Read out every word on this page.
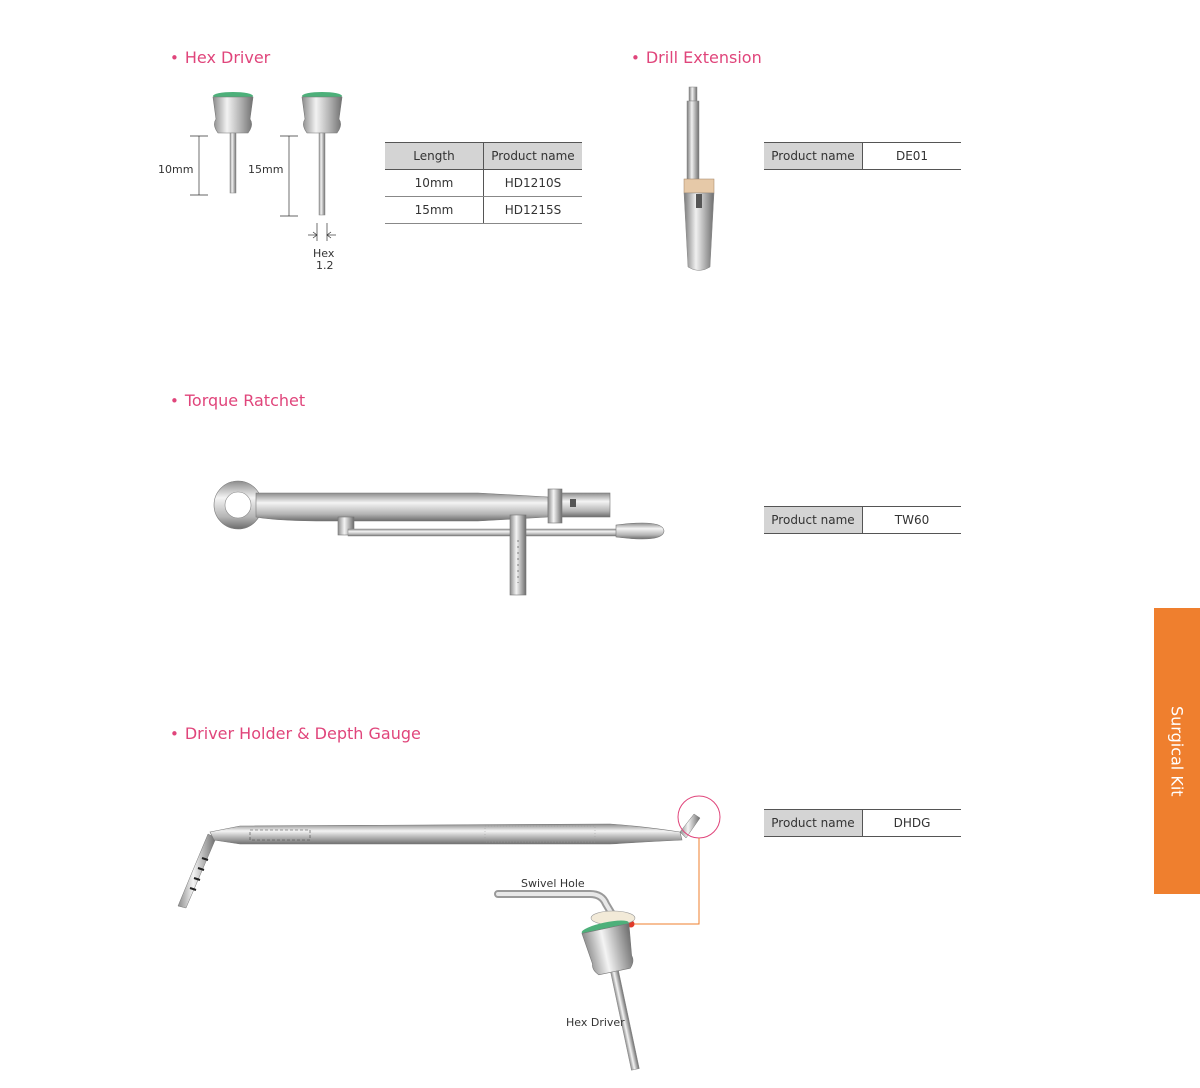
• Hex Driver	• Drill Extension
• Torque Ratchet
• Driver Holder & Depth Gauge
10mm	15mm
Hex
1.2
Length	Product name
10mm	HD1210S
15mm	HD1215S
Product name	DE01
Product name	TW60
Swivel Hole
Hex Driver
Product name	DHDG
Surgical Kit
